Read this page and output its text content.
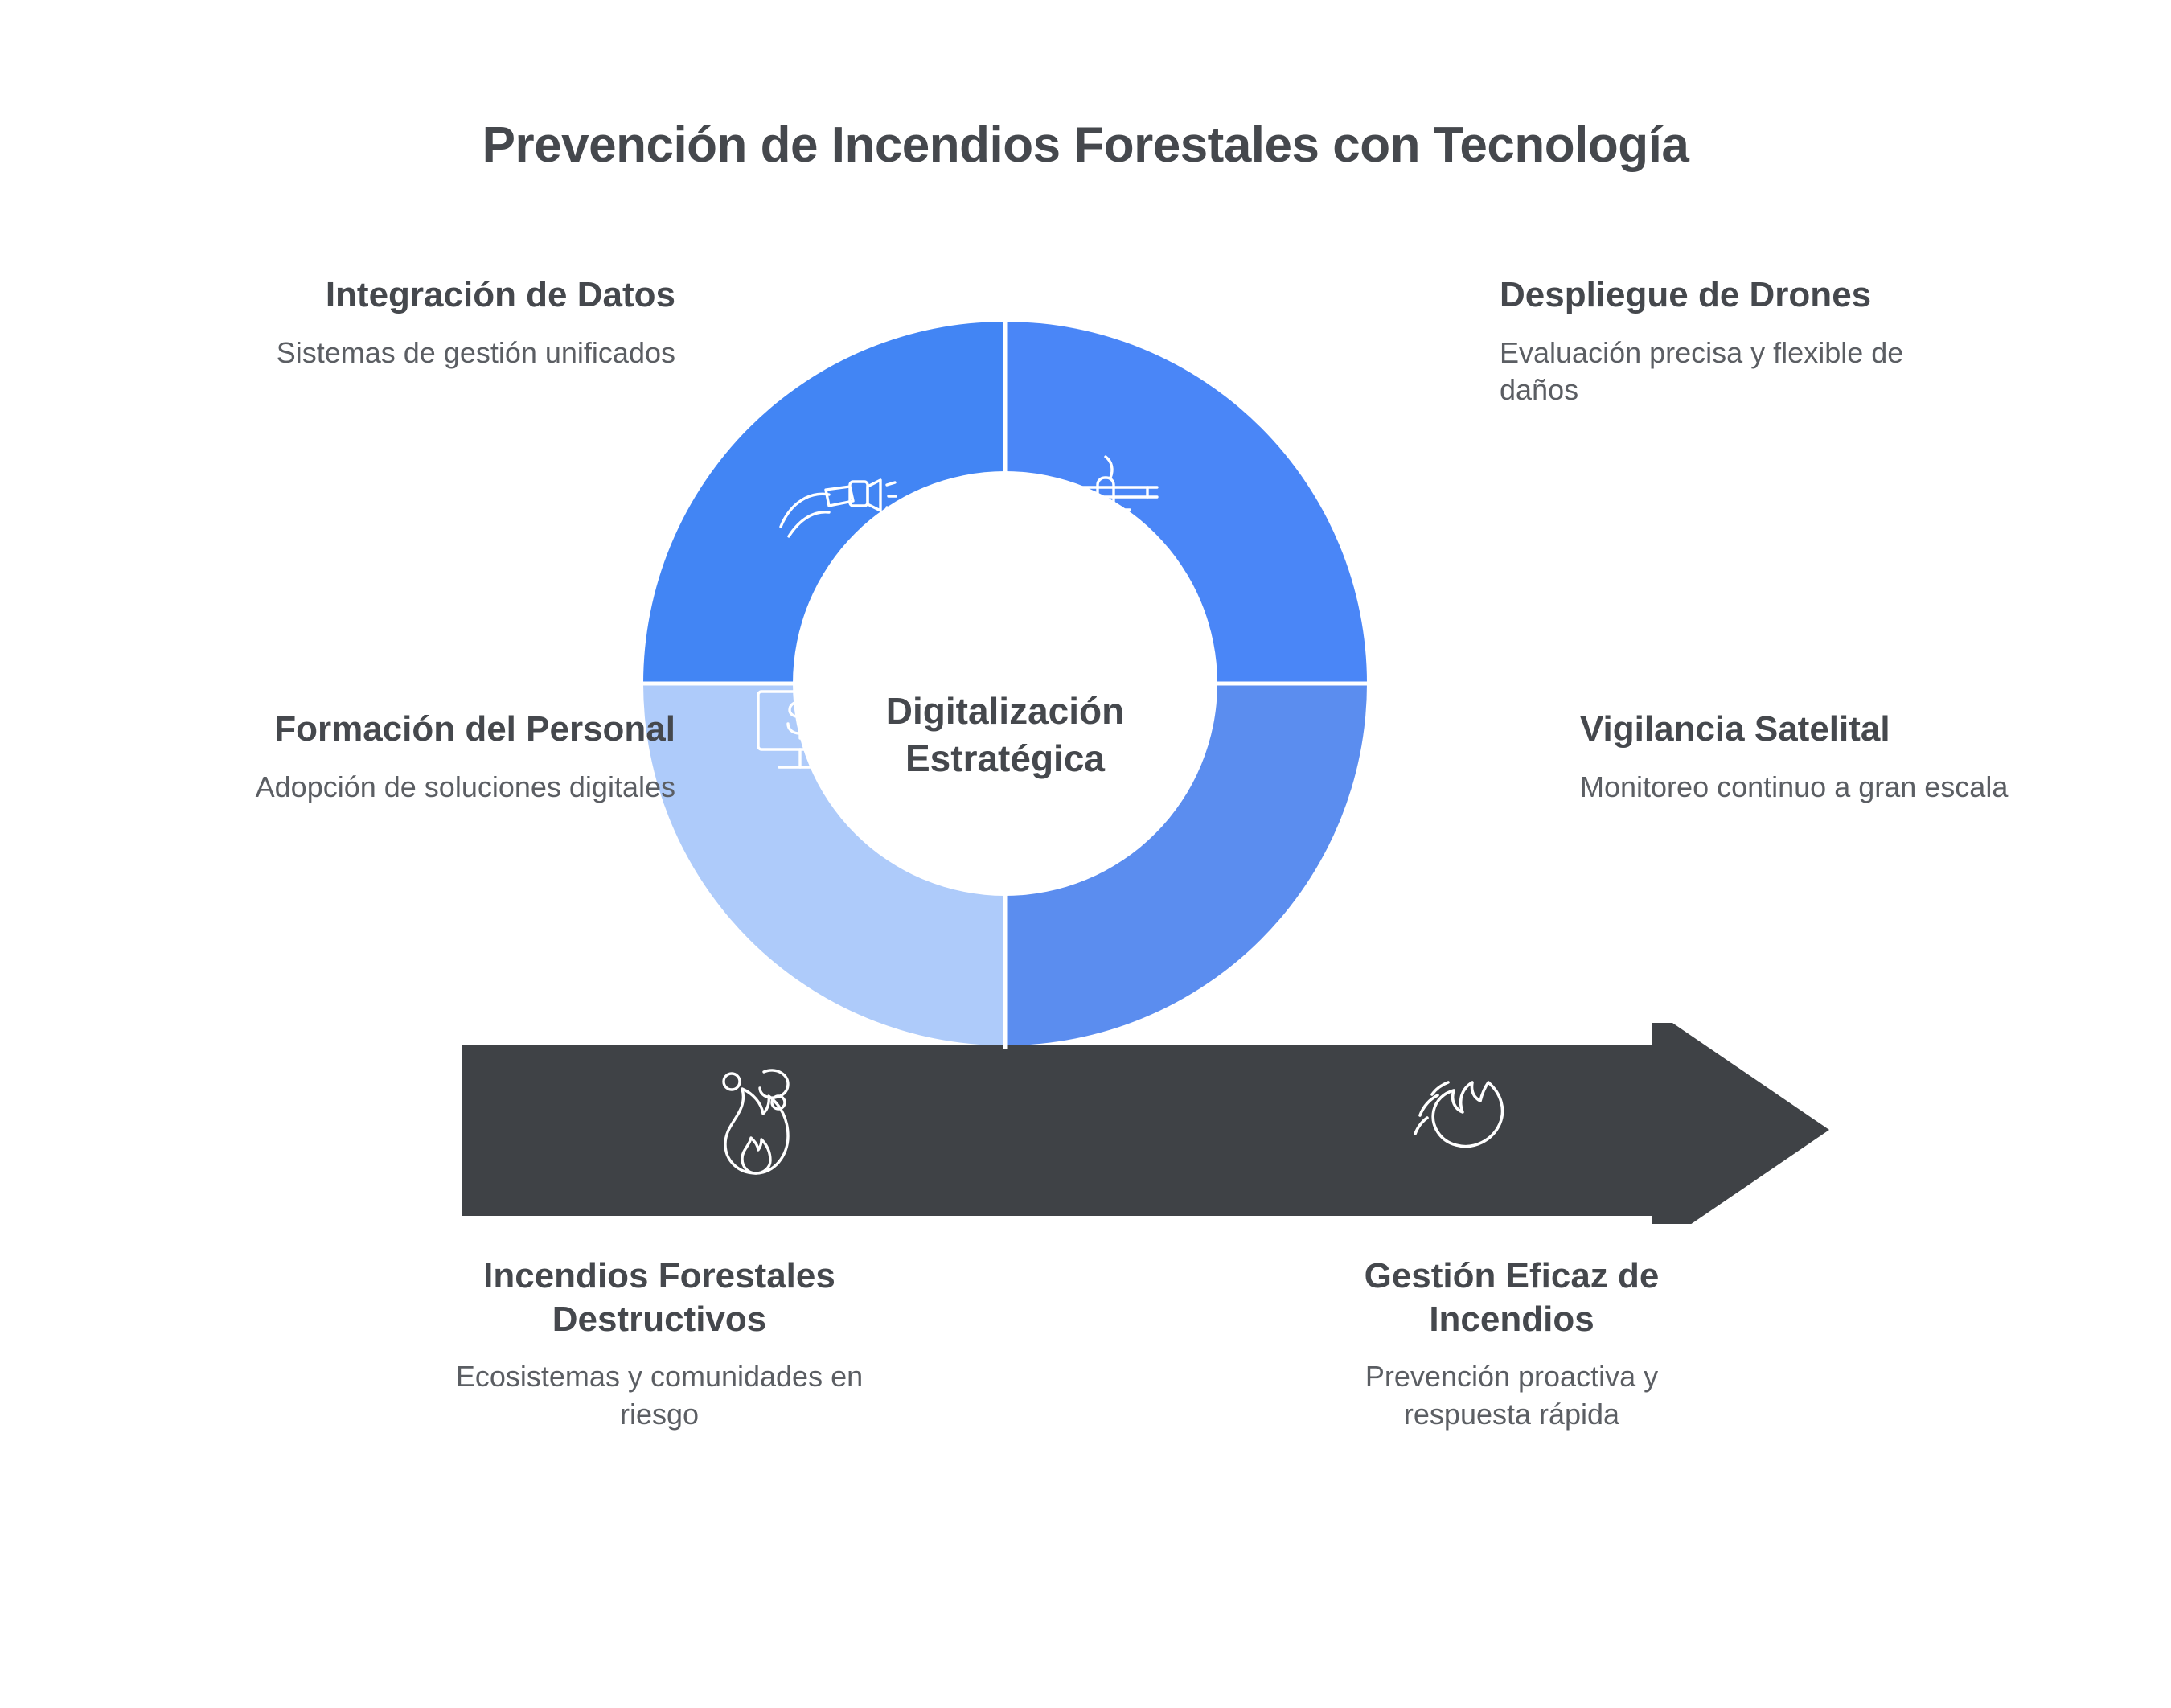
Prevención de Incendios Forestales con Tecnología
Digitalización
Estratégica
Integración de Datos
Sistemas de gestión unificados
Formación del Personal
Adopción de soluciones digitales
Despliegue de Drones
Evaluación precisa y flexible de daños
Vigilancia Satelital
Monitoreo continuo a gran escala
Incendios Forestales Destructivos
Ecosistemas y comunidades en riesgo
Gestión Eficaz de Incendios
Prevención proactiva y respuesta rápida
